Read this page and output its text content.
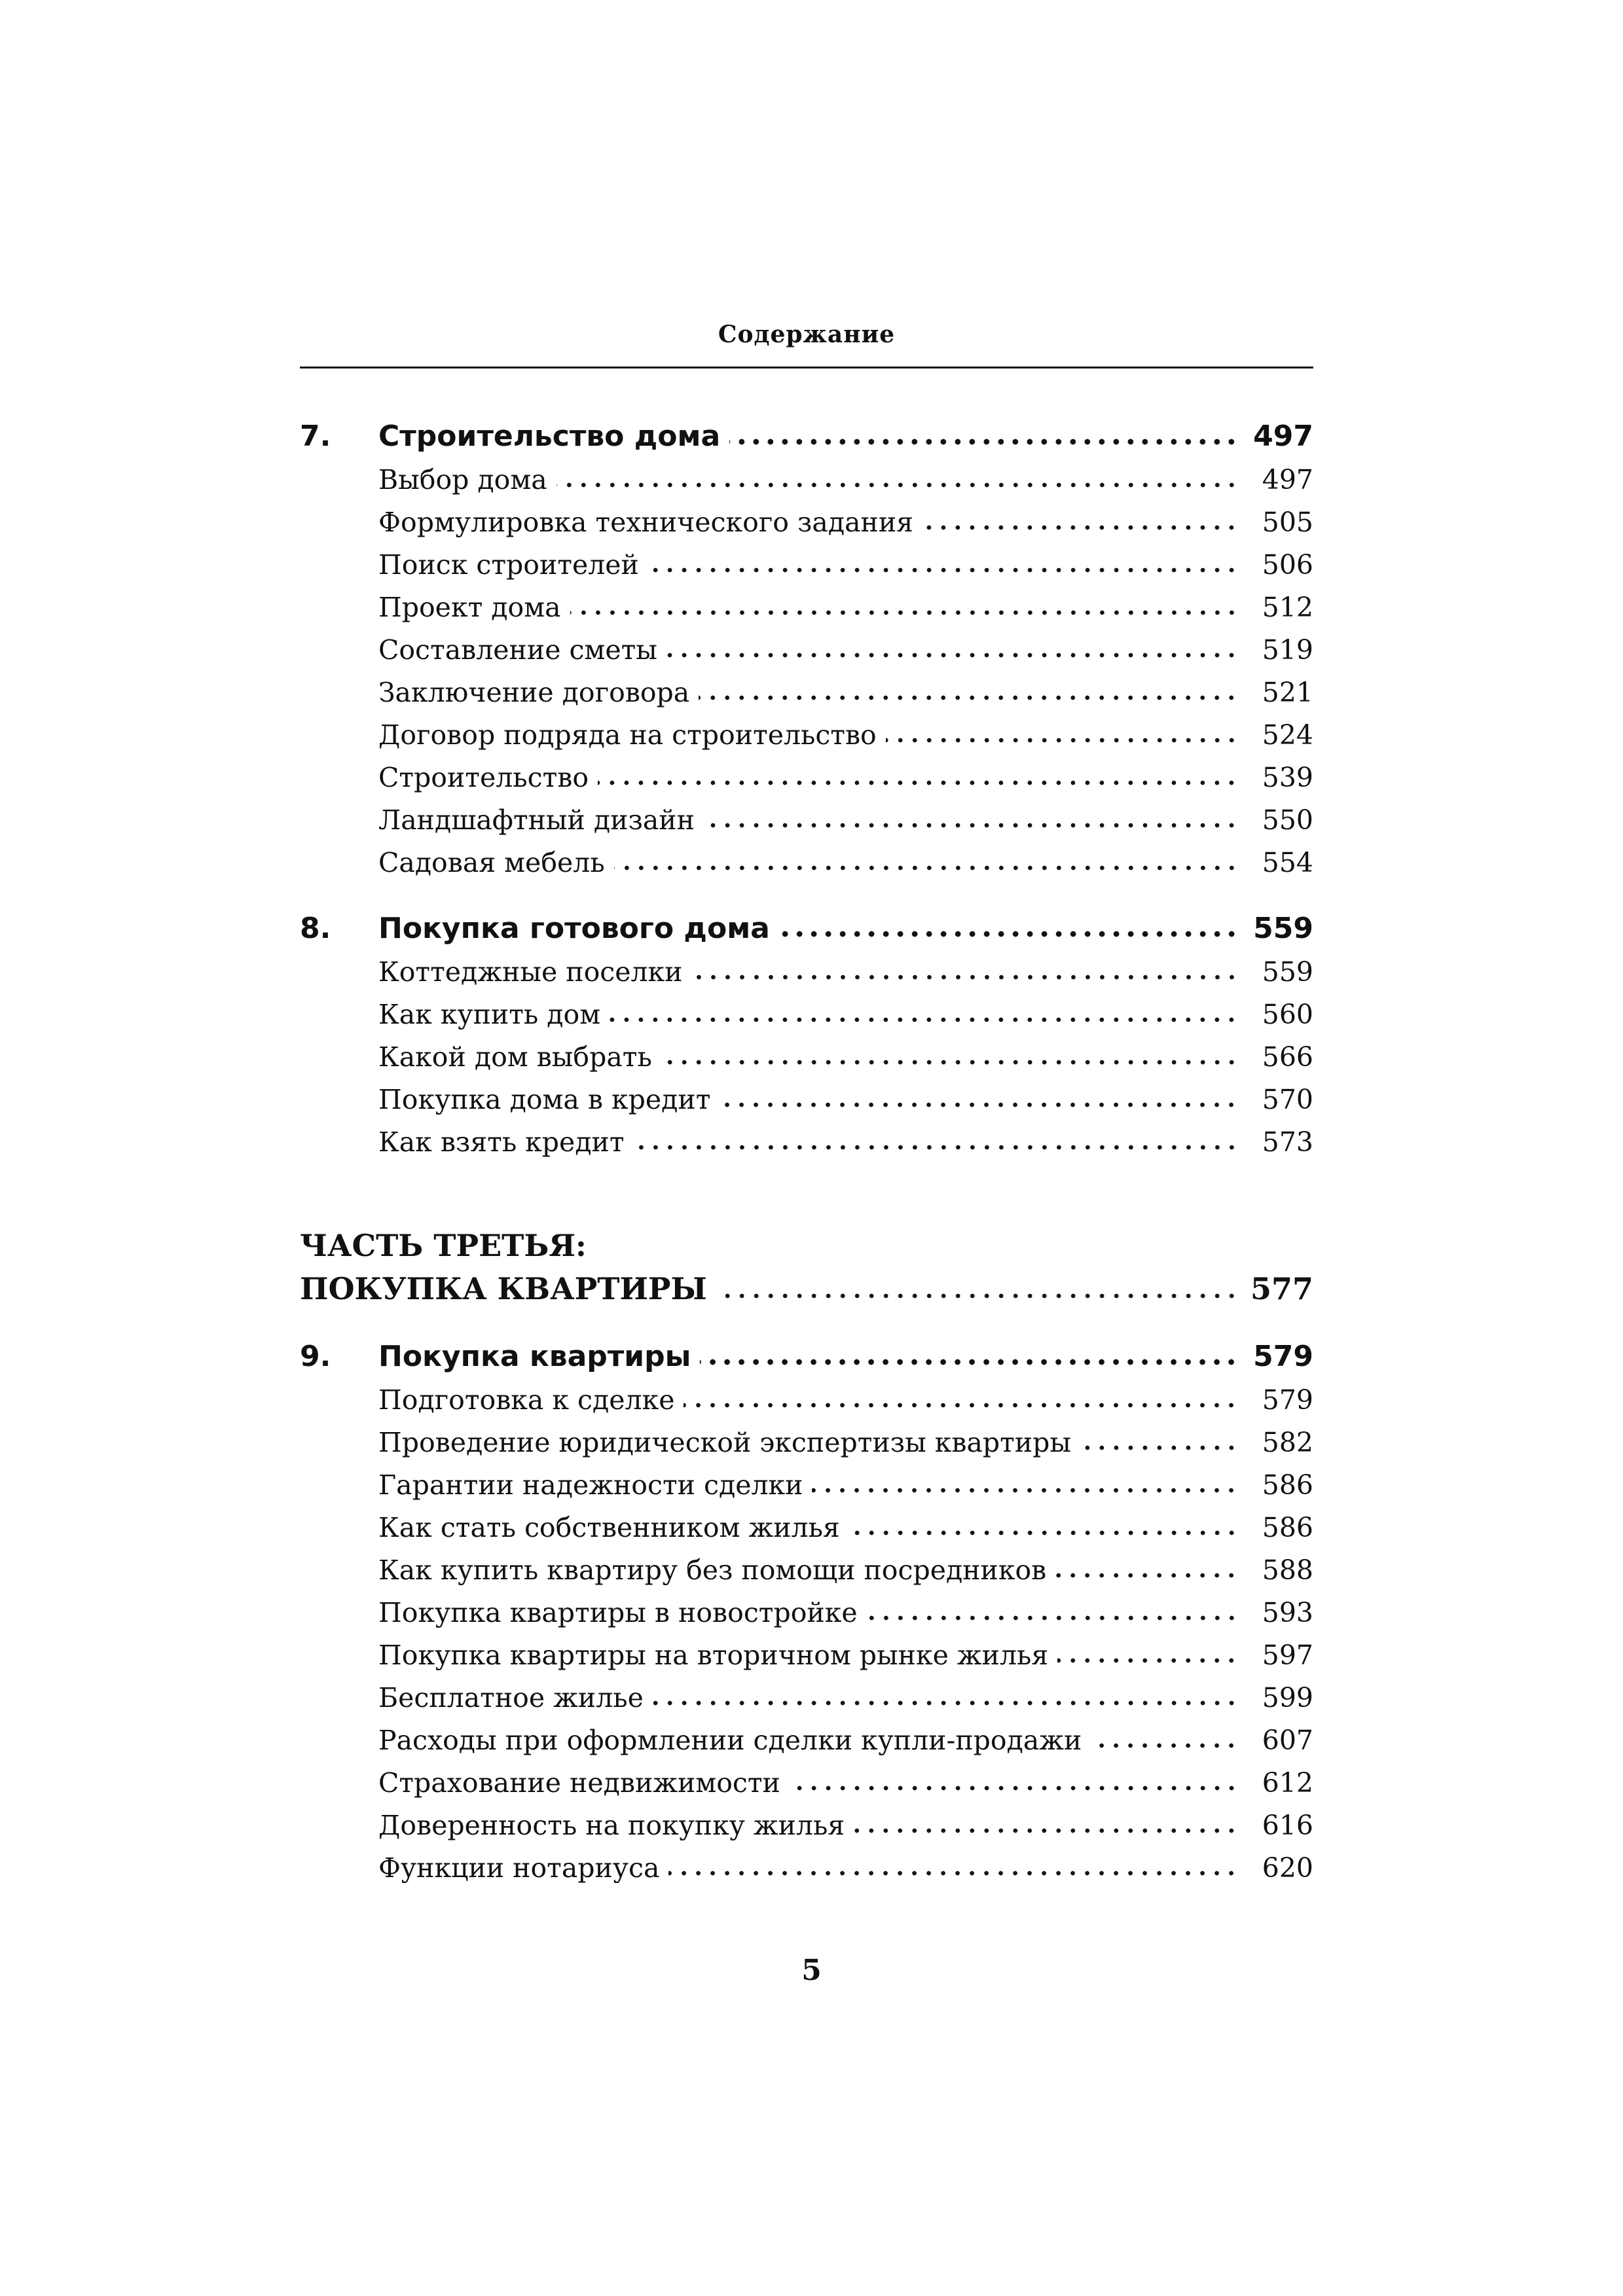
Содержание
7. Строительство дома	497
Выбор дома	497
Формулировка технического задания	505
Поиск строителей	506
Проект дома	512
Составление сметы	519
Заключение договора	521
Договор подряда на строительство	524
Строительство	539
Ландшафтный дизайн	550
Садовая мебель	554
8. Покупка готового дома	559
Коттеджные поселки	559
Как купить дом	560
Какой дом выбрать	566
Покупка дома в кредит	570
Как взять кредит	573
ЧАСТЬ ТРЕТЬЯ:
ПОКУПКА КВАРТИРЫ	577
9. Покупка квартиры	579
Подготовка к сделке	579
Проведение юридической экспертизы квартиры	582
Гарантии надежности сделки	586
Как стать собственником жилья	586
Как купить квартиру без помощи посредников	588
Покупка квартиры в новостройке	593
Покупка квартиры на вторичном рынке жилья	597
Бесплатное жилье	599
Расходы при оформлении сделки купли-продажи	607
Страхование недвижимости	612
Доверенность на покупку жилья	616
Функции нотариуса	620
5
